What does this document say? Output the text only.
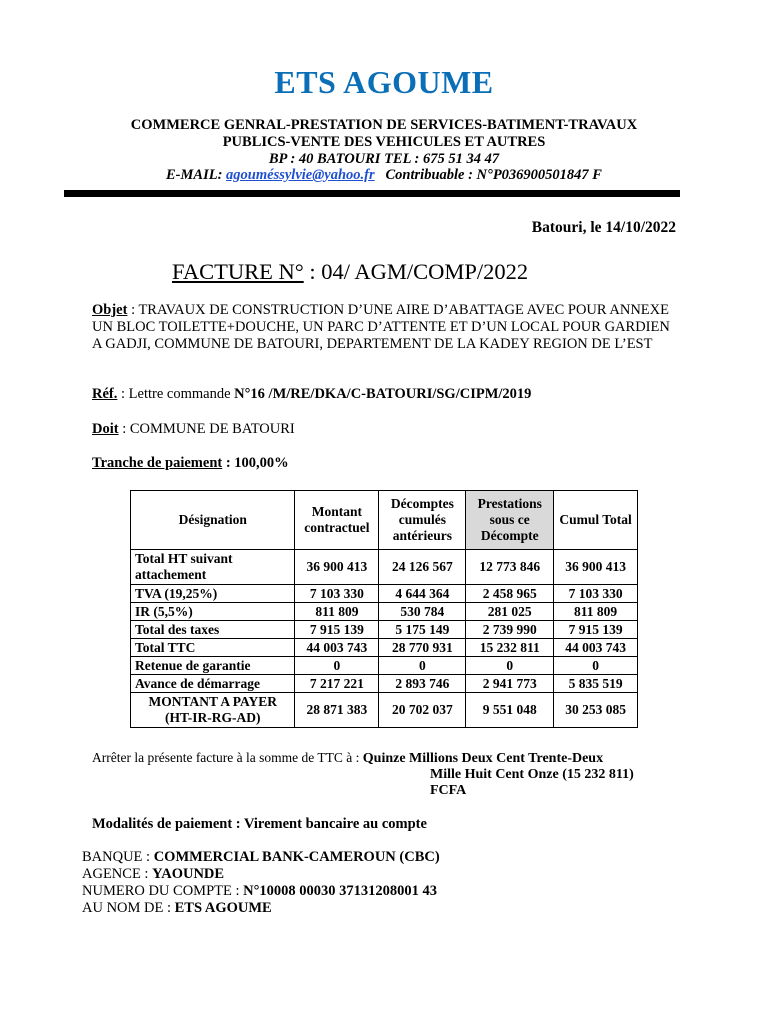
ETS AGOUME
COMMERCE GENRAL-PRESTATION DE SERVICES-BATIMENT-TRAVAUX
PUBLICS-VENTE DES VEHICULES ET AUTRES
BP : 40 BATOURI TEL : 675 51 34 47
E-MAIL: agouméssylvie@yahoo.fr Contribuable : N°P036900501847 F
Batouri, le 14/10/2022
FACTURE N° : 04/ AGM/COMP/2022
Objet : TRAVAUX DE CONSTRUCTION D’UNE AIRE D’ABATTAGE AVEC POUR ANNEXE UN BLOC TOILETTE+DOUCHE, UN PARC D’ATTENTE ET D’UN LOCAL POUR GARDIEN A GADJI, COMMUNE DE BATOURI, DEPARTEMENT DE LA KADEY REGION DE L’EST
Réf. : Lettre commande N°16 /M/RE/DKA/C-BATOURI/SG/CIPM/2019
Doit : COMMUNE DE BATOURI
Tranche de paiement : 100,00%
Désignation	Montant contractuel	Décomptes cumulés antérieurs	Prestations sous ce Décompte	Cumul Total
Total HT suivant attachement	36 900 413	24 126 567	12 773 846	36 900 413
TVA (19,25%)	7 103 330	4 644 364	2 458 965	7 103 330
IR (5,5%)	811 809	530 784	281 025	811 809
Total des taxes	7 915 139	5 175 149	2 739 990	7 915 139
Total TTC	44 003 743	28 770 931	15 232 811	44 003 743
Retenue de garantie	0	0	0	0
Avance de démarrage	7 217 221	2 893 746	2 941 773	5 835 519
MONTANT A PAYER (HT-IR-RG-AD)	28 871 383	20 702 037	9 551 048	30 253 085
Arrêter la présente facture à la somme de TTC à : Quinze Millions Deux Cent Trente-Deux
Mille Huit Cent Onze (15 232 811)
FCFA
Modalités de paiement : Virement bancaire au compte
BANQUE : COMMERCIAL BANK-CAMEROUN (CBC)
AGENCE : YAOUNDE
NUMERO DU COMPTE : N°10008 00030 37131208001 43
AU NOM DE : ETS AGOUME
